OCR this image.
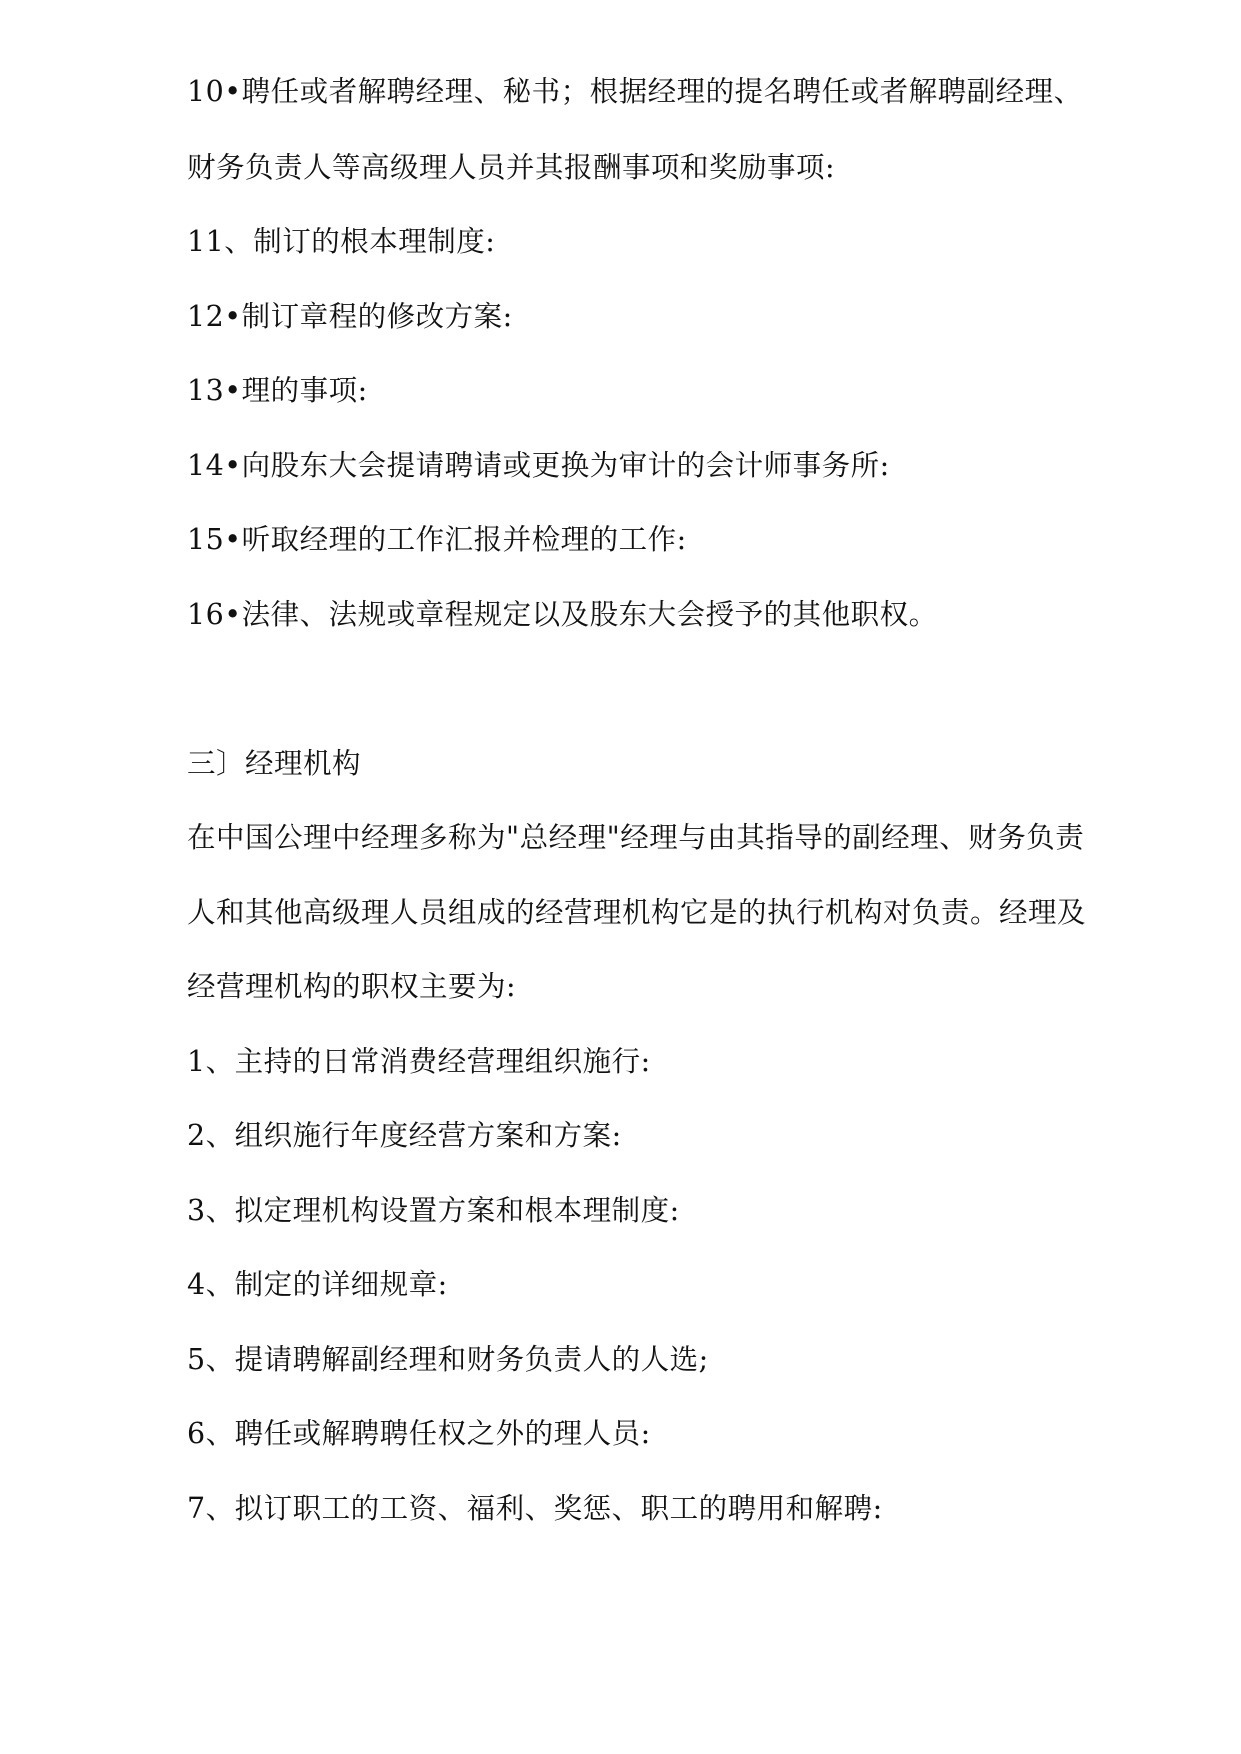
10•聘任或者解聘经理、秘书；根据经理的提名聘任或者解聘副经理、
财务负责人等高级理人员并其报酬事项和奖励事项:
11、制订的根本理制度:
12•制订章程的修改方案:
13•理的事项:
14•向股东大会提请聘请或更换为审计的会计师事务所:
15•听取经理的工作汇报并检理的工作:
16•法律、法规或章程规定以及股东大会授予的其他职权。
三〕经理机构
在中国公理中经理多称为"总经理"经理与由其指导的副经理、财务负责
人和其他高级理人员组成的经营理机构它是的执行机构对负责。经理及
经营理机构的职权主要为:
1、主持的日常消费经营理组织施行:
2、组织施行年度经营方案和方案:
3、拟定理机构设置方案和根本理制度:
4、制定的详细规章:
5、提请聘解副经理和财务负责人的人选;
6、聘任或解聘聘任权之外的理人员:
7、拟订职工的工资、福利、奖惩、职工的聘用和解聘:
